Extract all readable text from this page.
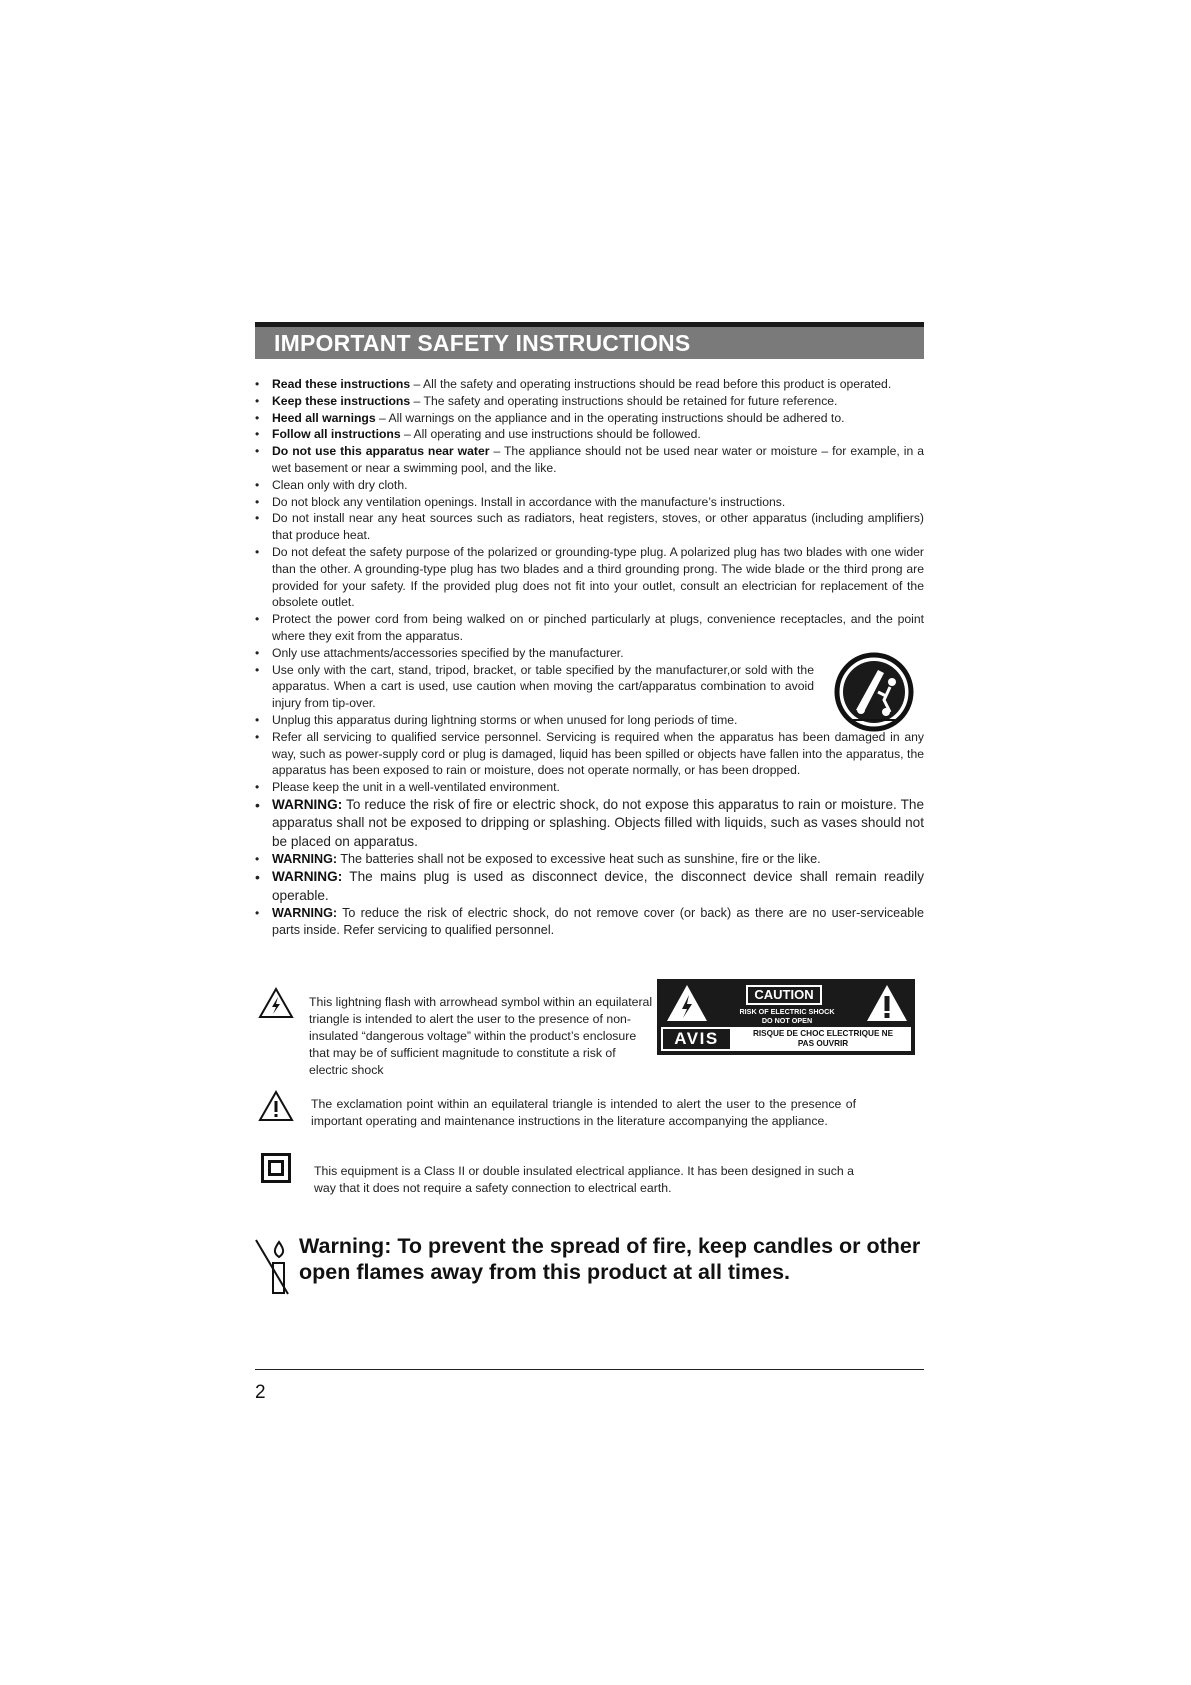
IMPORTANT SAFETY INSTRUCTIONS
• Read these instructions – All the safety and operating instructions should be read before this product is operated.
• Keep these instructions – The safety and operating instructions should be retained for future reference.
• Heed all warnings – All warnings on the appliance and in the operating instructions should be adhered to.
• Follow all instructions – All operating and use instructions should be followed.
• Do not use this apparatus near water – The appliance should not be used near water or moisture – for example, in a wet basement or near a swimming pool, and the like.
• Clean only with dry cloth.
• Do not block any ventilation openings. Install in accordance with the manufacture’s instructions.
• Do not install near any heat sources such as radiators, heat registers, stoves, or other apparatus (including amplifiers) that produce heat.
• Do not defeat the safety purpose of the polarized or grounding-type plug. A polarized plug has two blades with one wider than the other. A grounding-type plug has two blades and a third grounding prong. The wide blade or the third prong are provided for your safety. If the provided plug does not fit into your outlet, consult an electrician for replacement of the obsolete outlet.
• Protect the power cord from being walked on or pinched particularly at plugs, convenience receptacles, and the point where they exit from the apparatus.
• Only use attachments/accessories specified by the manufacturer.
• Use only with the cart, stand, tripod, bracket, or table specified by the manufacturer,or sold with the apparatus. When a cart is used, use caution when moving the cart/apparatus combination to avoid injury from tip-over.
• Unplug this apparatus during lightning storms or when unused for long periods of time.
• Refer all servicing to qualified service personnel. Servicing is required when the apparatus has been damaged in any way, such as power-supply cord or plug is damaged, liquid has been spilled or objects have fallen into the apparatus, the apparatus has been exposed to rain or moisture, does not operate normally, or has been dropped.
• Please keep the unit in a well-ventilated environment.
• WARNING: To reduce the risk of fire or electric shock, do not expose this apparatus to rain or moisture. The apparatus shall not be exposed to dripping or splashing. Objects filled with liquids, such as vases should not be placed on apparatus.
• WARNING: The batteries shall not be exposed to excessive heat such as sunshine, fire or the like.
• WARNING: The mains plug is used as disconnect device, the disconnect device shall remain readily operable.
• WARNING: To reduce the risk of electric shock, do not remove cover (or back) as there are no user-serviceable parts inside. Refer servicing to qualified personnel.
This lightning flash with arrowhead symbol within an equilateral triangle is intended to alert the user to the presence of non-insulated “dangerous voltage” within the product’s enclosure that may be of sufficient magnitude to constitute a risk of electric shock
CAUTION
RISK OF ELECTRIC SHOCK
DO NOT OPEN
AVIS	RISQUE DE CHOC ELECTRIQUE NE
PAS OUVRIR
The exclamation point within an equilateral triangle is intended to alert the user to the presence of important operating and maintenance instructions in the literature accompanying the appliance.
This equipment is a Class II or double insulated electrical appliance. It has been designed in such a way that it does not require a safety connection to electrical earth.
Warning: To prevent the spread of fire, keep candles or other open flames away from this product at all times.
2
